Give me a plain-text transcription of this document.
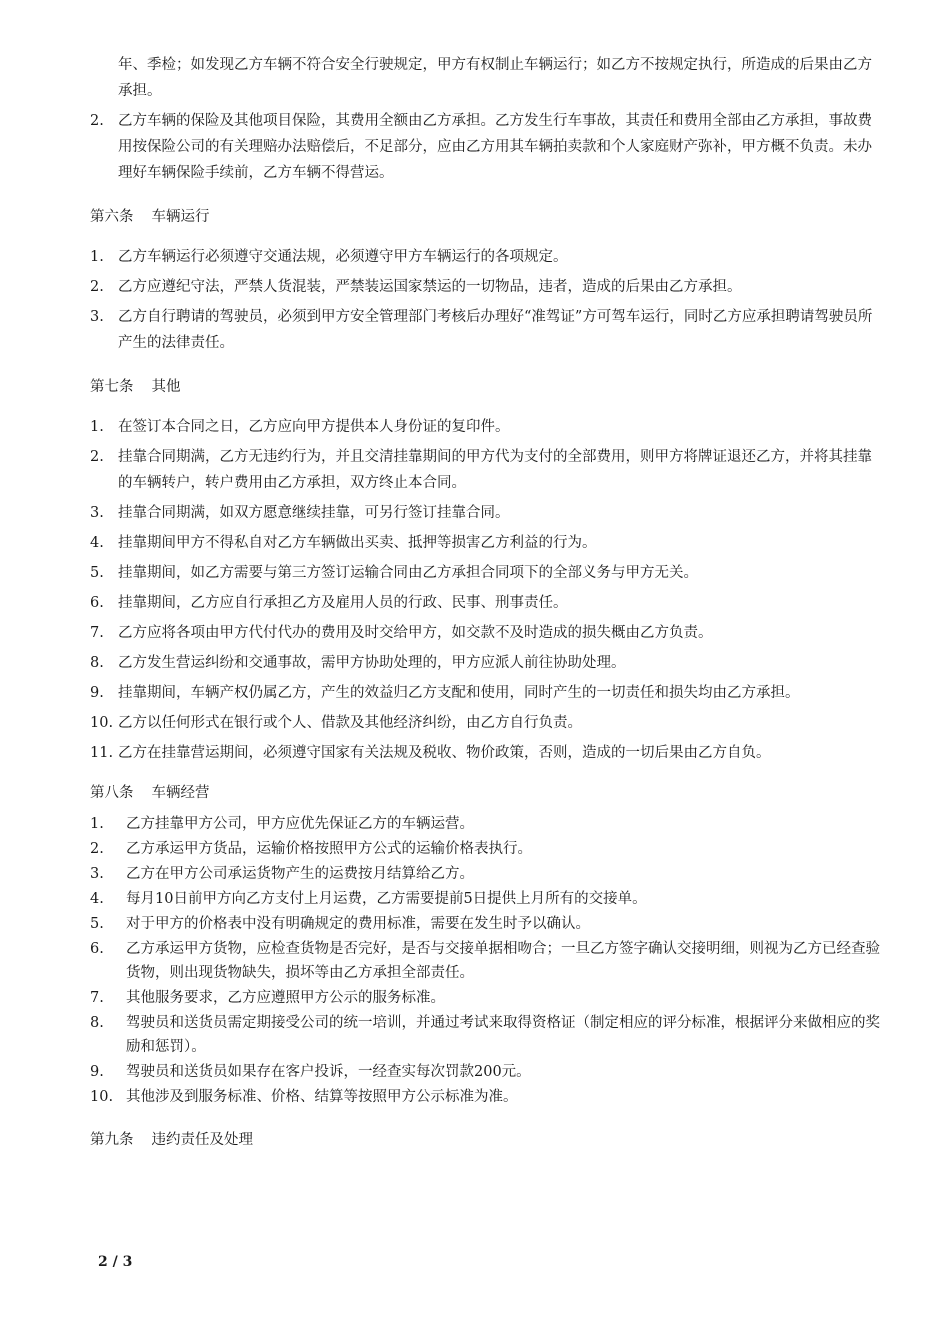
年、季检；如发现乙方车辆不符合安全行驶规定，甲方有权制止车辆运行；如乙方不按规定执行，所造成的后果由乙方承担。
2. 乙方车辆的保险及其他项目保险，其费用全额由乙方承担。乙方发生行车事故，其责任和费用全部由乙方承担，事故费用按保险公司的有关理赔办法赔偿后，不足部分，应由乙方用其车辆拍卖款和个人家庭财产弥补，甲方概不负责。未办理好车辆保险手续前，乙方车辆不得营运。
第六条 车辆运行
1. 乙方车辆运行必须遵守交通法规，必须遵守甲方车辆运行的各项规定。
2. 乙方应遵纪守法，严禁人货混装，严禁装运国家禁运的一切物品，违者，造成的后果由乙方承担。
3. 乙方自行聘请的驾驶员，必须到甲方安全管理部门考核后办理好“准驾证”方可驾车运行，同时乙方应承担聘请驾驶员所产生的法律责任。
第七条 其他
1. 在签订本合同之日，乙方应向甲方提供本人身份证的复印件。
2. 挂靠合同期满，乙方无违约行为，并且交清挂靠期间的甲方代为支付的全部费用，则甲方将牌证退还乙方，并将其挂靠的车辆转户，转户费用由乙方承担，双方终止本合同。
3. 挂靠合同期满，如双方愿意继续挂靠，可另行签订挂靠合同。
4. 挂靠期间甲方不得私自对乙方车辆做出买卖、抵押等损害乙方利益的行为。
5. 挂靠期间，如乙方需要与第三方签订运输合同由乙方承担合同项下的全部义务与甲方无关。
6. 挂靠期间，乙方应自行承担乙方及雇用人员的行政、民事、刑事责任。
7. 乙方应将各项由甲方代付代办的费用及时交给甲方，如交款不及时造成的损失概由乙方负责。
8. 乙方发生营运纠纷和交通事故，需甲方协助处理的，甲方应派人前往协助处理。
9. 挂靠期间，车辆产权仍属乙方，产生的效益归乙方支配和使用，同时产生的一切责任和损失均由乙方承担。
10. 乙方以任何形式在银行或个人、借款及其他经济纠纷，由乙方自行负责。
11. 乙方在挂靠营运期间，必须遵守国家有关法规及税收、物价政策，否则，造成的一切后果由乙方自负。
第八条 车辆经营
1.	乙方挂靠甲方公司，甲方应优先保证乙方的车辆运营。
2.	乙方承运甲方货品，运输价格按照甲方公式的运输价格表执行。
3.	乙方在甲方公司承运货物产生的运费按月结算给乙方。
4.	每月10日前甲方向乙方支付上月运费，乙方需要提前5日提供上月所有的交接单。
5.	对于甲方的价格表中没有明确规定的费用标准，需要在发生时予以确认。
6.	乙方承运甲方货物，应检查货物是否完好，是否与交接单据相吻合；一旦乙方签字确认交接明细，则视为乙方已经查验货物，则出现货物缺失，损坏等由乙方承担全部责任。
7.	其他服务要求，乙方应遵照甲方公示的服务标准。
8.	驾驶员和送货员需定期接受公司的统一培训，并通过考试来取得资格证（制定相应的评分标准，根据评分来做相应的奖励和惩罚）。
9.	驾驶员和送货员如果存在客户投诉，一经查实每次罚款200元。
10. 其他涉及到服务标准、价格、结算等按照甲方公示标准为准。
第九条 违约责任及处理
2 / 3
